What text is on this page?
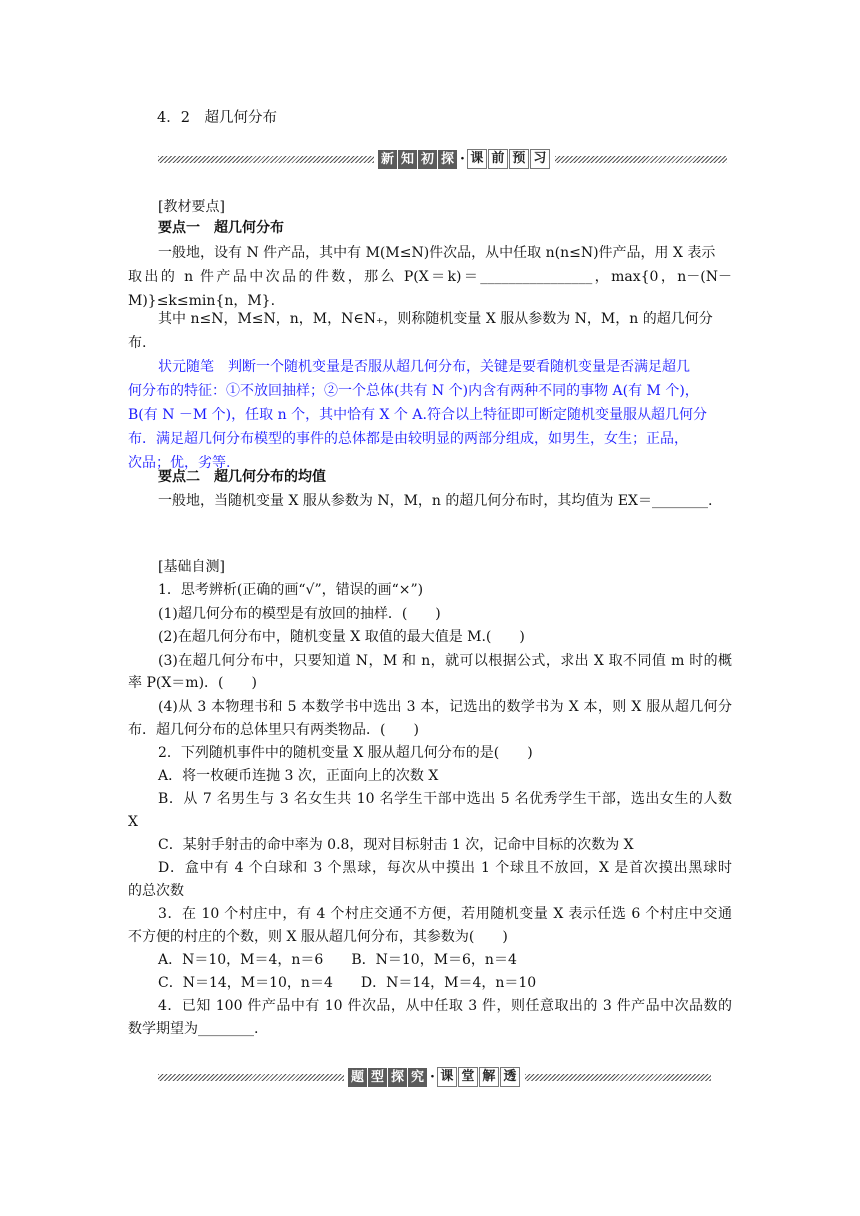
4．2　超几何分布
新 知 初 探 · 课 前 预 习
[教材要点]
要点一　超几何分布
一般地，设有 N 件产品，其中有 M(M≤N)件次品，从中任取 n(n≤N)件产品，用 X 表示
取出的 n 件产品中次品的件数，那么 P(X＝k)＝________________，max{0，n－(N－
M)}≤k≤min{n，M}.
其中 n≤N，M≤N，n，M，N∈N₊，则称随机变量 X 服从参数为 N，M，n 的超几何分
布.
状元随笔　判断一个随机变量是否服从超几何分布，关键是要看随机变量是否满足超几
何分布的特征：①不放回抽样；②一个总体(共有 N 个)内含有两种不同的事物 A(有 M 个)，
B(有 N －M 个)，任取 n 个，其中恰有 X 个 A.符合以上特征即可断定随机变量服从超几何分
布．满足超几何分布模型的事件的总体都是由较明显的两部分组成，如男生，女生；正品，
次品；优，劣等.
要点二　超几何分布的均值
一般地，当随机变量 X 服从参数为 N，M，n 的超几何分布时，其均值为 EX＝________.
[基础自测]
1．思考辨析(正确的画“√”，错误的画“×”)
(1)超几何分布的模型是有放回的抽样．(　　)
(2)在超几何分布中，随机变量 X 取值的最大值是 M.(　　)
(3)在超几何分布中，只要知道 N，M 和 n，就可以根据公式，求出 X 取不同值 m 时的概
率 P(X＝m)．(　　)
(4)从 3 本物理书和 5 本数学书中选出 3 本，记选出的数学书为 X 本，则 X 服从超几何分
布．超几何分布的总体里只有两类物品．(　　)
2．下列随机事件中的随机变量 X 服从超几何分布的是(　　)
A．将一枚硬币连抛 3 次，正面向上的次数 X
B．从 7 名男生与 3 名女生共 10 名学生干部中选出 5 名优秀学生干部，选出女生的人数
X
C．某射手射击的命中率为 0.8，现对目标射击 1 次，记命中目标的次数为 X
D．盒中有 4 个白球和 3 个黑球，每次从中摸出 1 个球且不放回，X 是首次摸出黑球时
的总次数
3．在 10 个村庄中，有 4 个村庄交通不方便，若用随机变量 X 表示任选 6 个村庄中交通
不方便的村庄的个数，则 X 服从超几何分布，其参数为(　　)
A．N＝10，M＝4，n＝6　　B．N＝10，M＝6，n＝4
C．N＝14，M＝10，n＝4　　D．N＝14，M＝4，n＝10
4．已知 100 件产品中有 10 件次品，从中任取 3 件，则任意取出的 3 件产品中次品数的
数学期望为________.
题 型 探 究 · 课 堂 解 透
